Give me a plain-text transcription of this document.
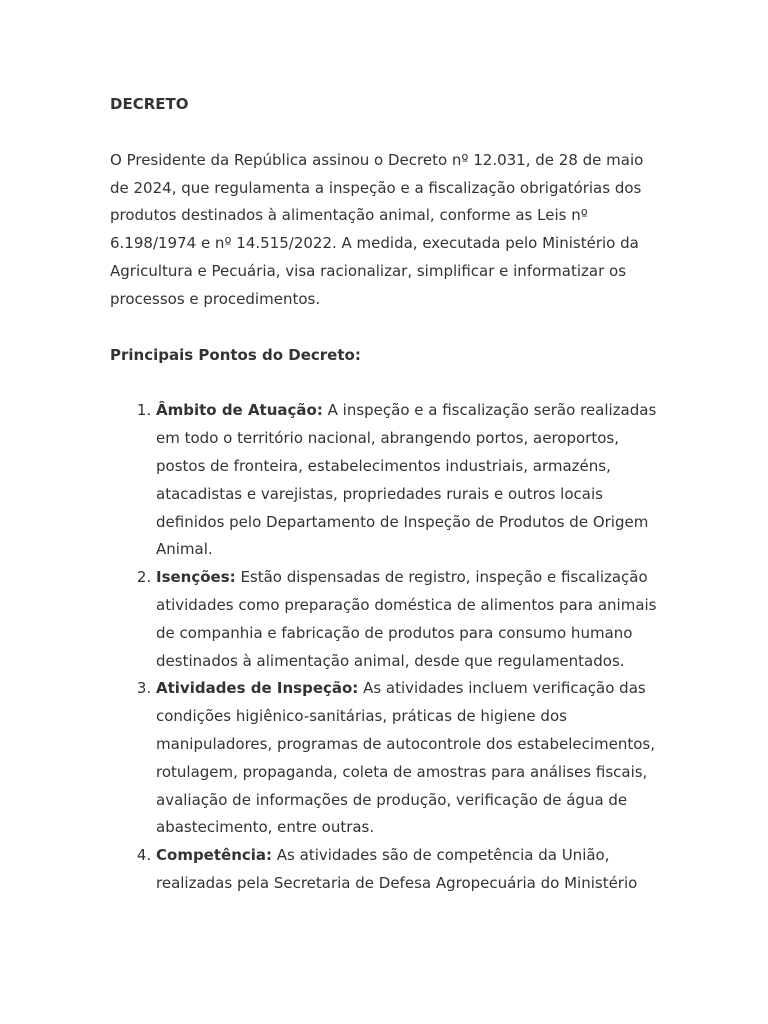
DECRETO

O Presidente da República assinou o Decreto nº 12.031, de 28 de maio de 2024, que regulamenta a inspeção e a fiscalização obrigatórias dos produtos destinados à alimentação animal, conforme as Leis nº 6.198/1974 e nº 14.515/2022. A medida, executada pelo Ministério da Agricultura e Pecuária, visa racionalizar, simplificar e informatizar os processos e procedimentos.

Principais Pontos do Decreto:

1. Âmbito de Atuação: A inspeção e a fiscalização serão realizadas em todo o território nacional, abrangendo portos, aeroportos, postos de fronteira, estabelecimentos industriais, armazéns, atacadistas e varejistas, propriedades rurais e outros locais definidos pelo Departamento de Inspeção de Produtos de Origem Animal.
2. Isenções: Estão dispensadas de registro, inspeção e fiscalização atividades como preparação doméstica de alimentos para animais de companhia e fabricação de produtos para consumo humano destinados à alimentação animal, desde que regulamentados.
3. Atividades de Inspeção: As atividades incluem verificação das condições higiênico-sanitárias, práticas de higiene dos manipuladores, programas de autocontrole dos estabelecimentos, rotulagem, propaganda, coleta de amostras para análises fiscais, avaliação de informações de produção, verificação de água de abastecimento, entre outras.
4. Competência: As atividades são de competência da União, realizadas pela Secretaria de Defesa Agropecuária do Ministério
